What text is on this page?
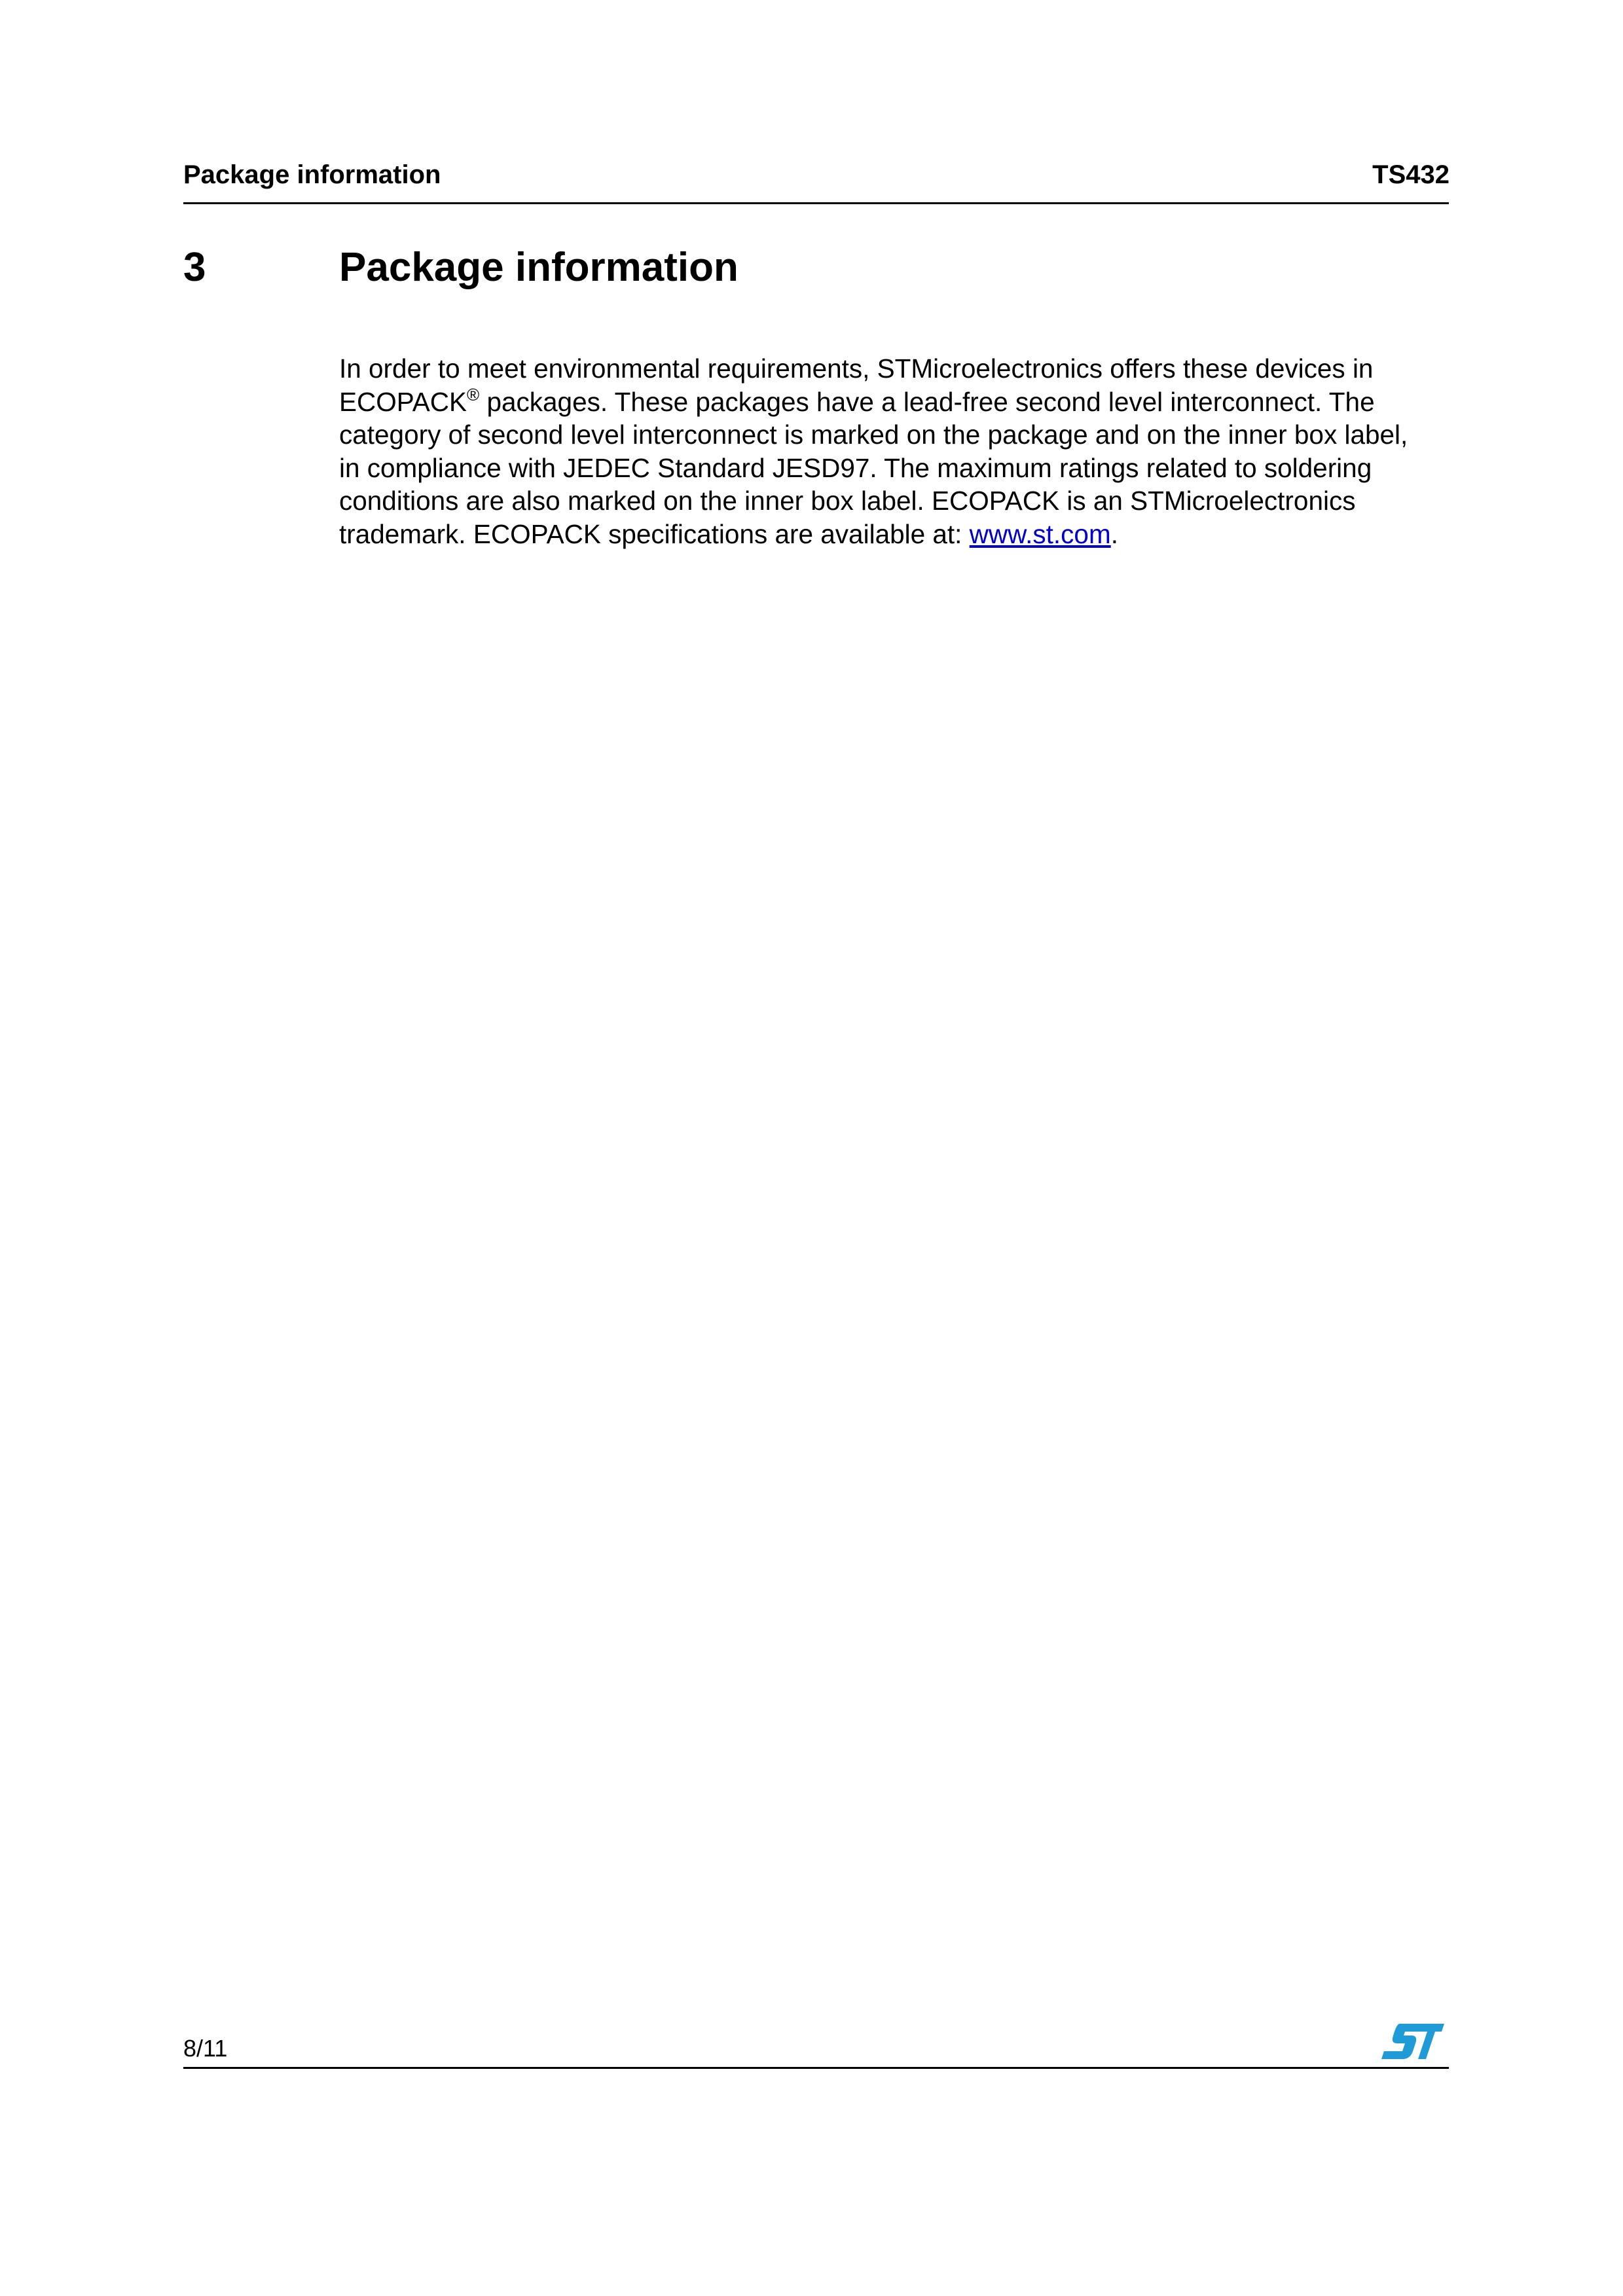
Package information	TS432
3	Package information
In order to meet environmental requirements, STMicroelectronics offers these devices in
ECOPACK® packages. These packages have a lead-free second level interconnect. The
category of second level interconnect is marked on the package and on the inner box label,
in compliance with JEDEC Standard JESD97. The maximum ratings related to soldering
conditions are also marked on the inner box label. ECOPACK is an STMicroelectronics
trademark. ECOPACK specifications are available at: www.st.com.
8/11
